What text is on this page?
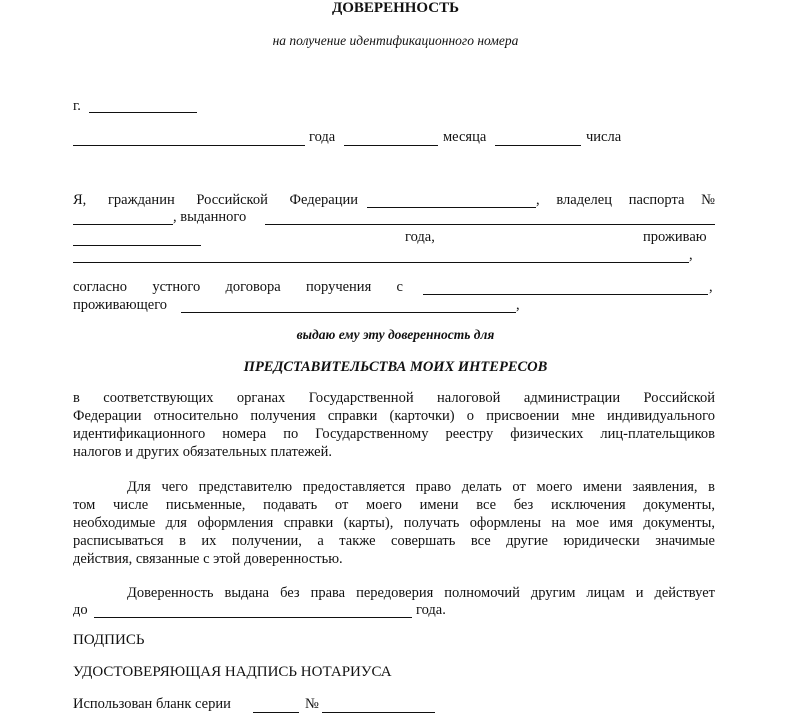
ДОВЕРЕННОСТЬ
на получение идентификационного номера
г.
года	месяца	числа
Я, гражданин Российской Федерации	, владелец паспорта №
, выданного
года,	проживаю
,
согласно устного договора поручения с	,
проживающего	,
выдаю ему эту доверенность для
ПРЕДСТАВИТЕЛЬСТВА МОИХ ИНТЕРЕСОВ
в соответствующих органах Государственной налоговой администрации Российской
Федерации относительно получения справки (карточки) о присвоении мне индивидуального
идентификационного номера по Государственному реестру физических лиц-плательщиков
налогов и других обязательных платежей.
Для чего представителю предоставляется право делать от моего имени заявления, в
том числе письменные, подавать от моего имени все без исключения документы,
необходимые для оформления справки (карты), получать оформлены на мое имя документы,
расписываться в их получении, а также совершать все другие юридически значимые
действия, связанные с этой доверенностью.
Доверенность выдана без права передоверия полномочий другим лицам и действует
до	года.
ПОДПИСЬ
УДОСТОВЕРЯЮЩАЯ НАДПИСЬ НОТАРИУСА
Использован бланк серии	№
